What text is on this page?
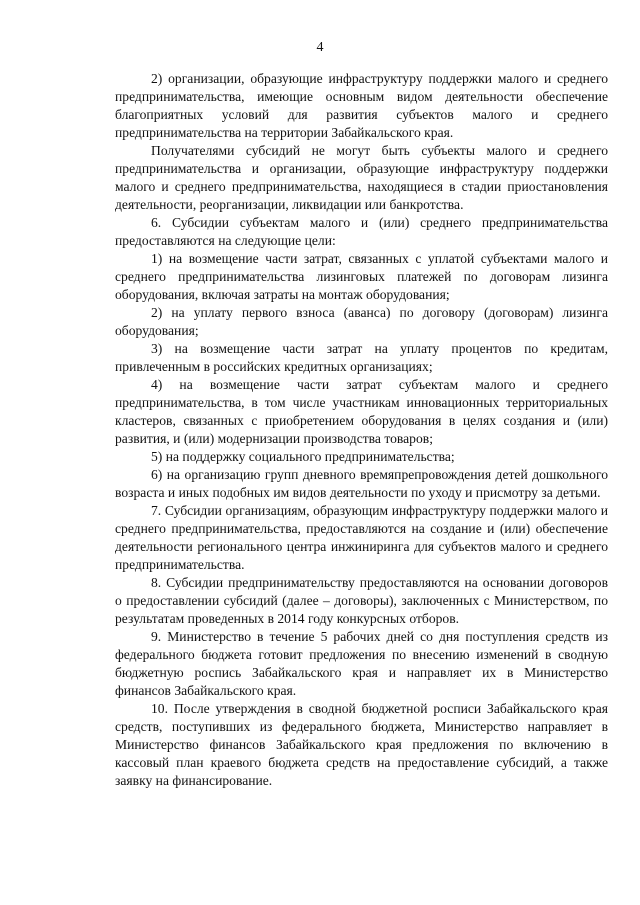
4

2) организации, образующие инфраструктуру поддержки малого и среднего предпринимательства, имеющие основным видом деятельности обеспечение благоприятных условий для развития субъектов малого и среднего предпринимательства на территории Забайкальского края.

Получателями субсидий не могут быть субъекты малого и среднего предпринимательства и организации, образующие инфраструктуру поддержки малого и среднего предпринимательства, находящиеся в стадии приостановления деятельности, реорганизации, ликвидации или банкротства.

6. Субсидии субъектам малого и (или) среднего предпринимательства предоставляются на следующие цели:

1) на возмещение части затрат, связанных с уплатой субъектами малого и среднего предпринимательства лизинговых платежей по договорам лизинга оборудования, включая затраты на монтаж оборудования;

2) на уплату первого взноса (аванса) по договору (договорам) лизинга оборудования;

3) на возмещение части затрат на уплату процентов по кредитам, привлеченным в российских кредитных организациях;

4) на возмещение части затрат субъектам малого и среднего предпринимательства, в том числе участникам инновационных территориальных кластеров, связанных с приобретением оборудования в целях создания и (или) развития, и (или) модернизации производства товаров;

5) на поддержку социального предпринимательства;

6) на организацию групп дневного времяпрепровождения детей дошкольного возраста и иных подобных им видов деятельности по уходу и присмотру за детьми.

7. Субсидии организациям, образующим инфраструктуру поддержки малого и среднего предпринимательства, предоставляются на создание и (или) обеспечение деятельности регионального центра инжиниринга для субъектов малого и среднего предпринимательства.

8. Субсидии предпринимательству предоставляются на основании договоров о предоставлении субсидий (далее – договоры), заключенных с Министерством, по результатам проведенных в 2014 году конкурсных отборов.

9. Министерство в течение 5 рабочих дней со дня поступления средств из федерального бюджета готовит предложения по внесению изменений в сводную бюджетную роспись Забайкальского края и направляет их в Министерство финансов Забайкальского края.

10. После утверждения в сводной бюджетной росписи Забайкальского края средств, поступивших из федерального бюджета, Министерство направляет в Министерство финансов Забайкальского края предложения по включению в кассовый план краевого бюджета средств на предоставление субсидий, а также заявку на финансирование.
